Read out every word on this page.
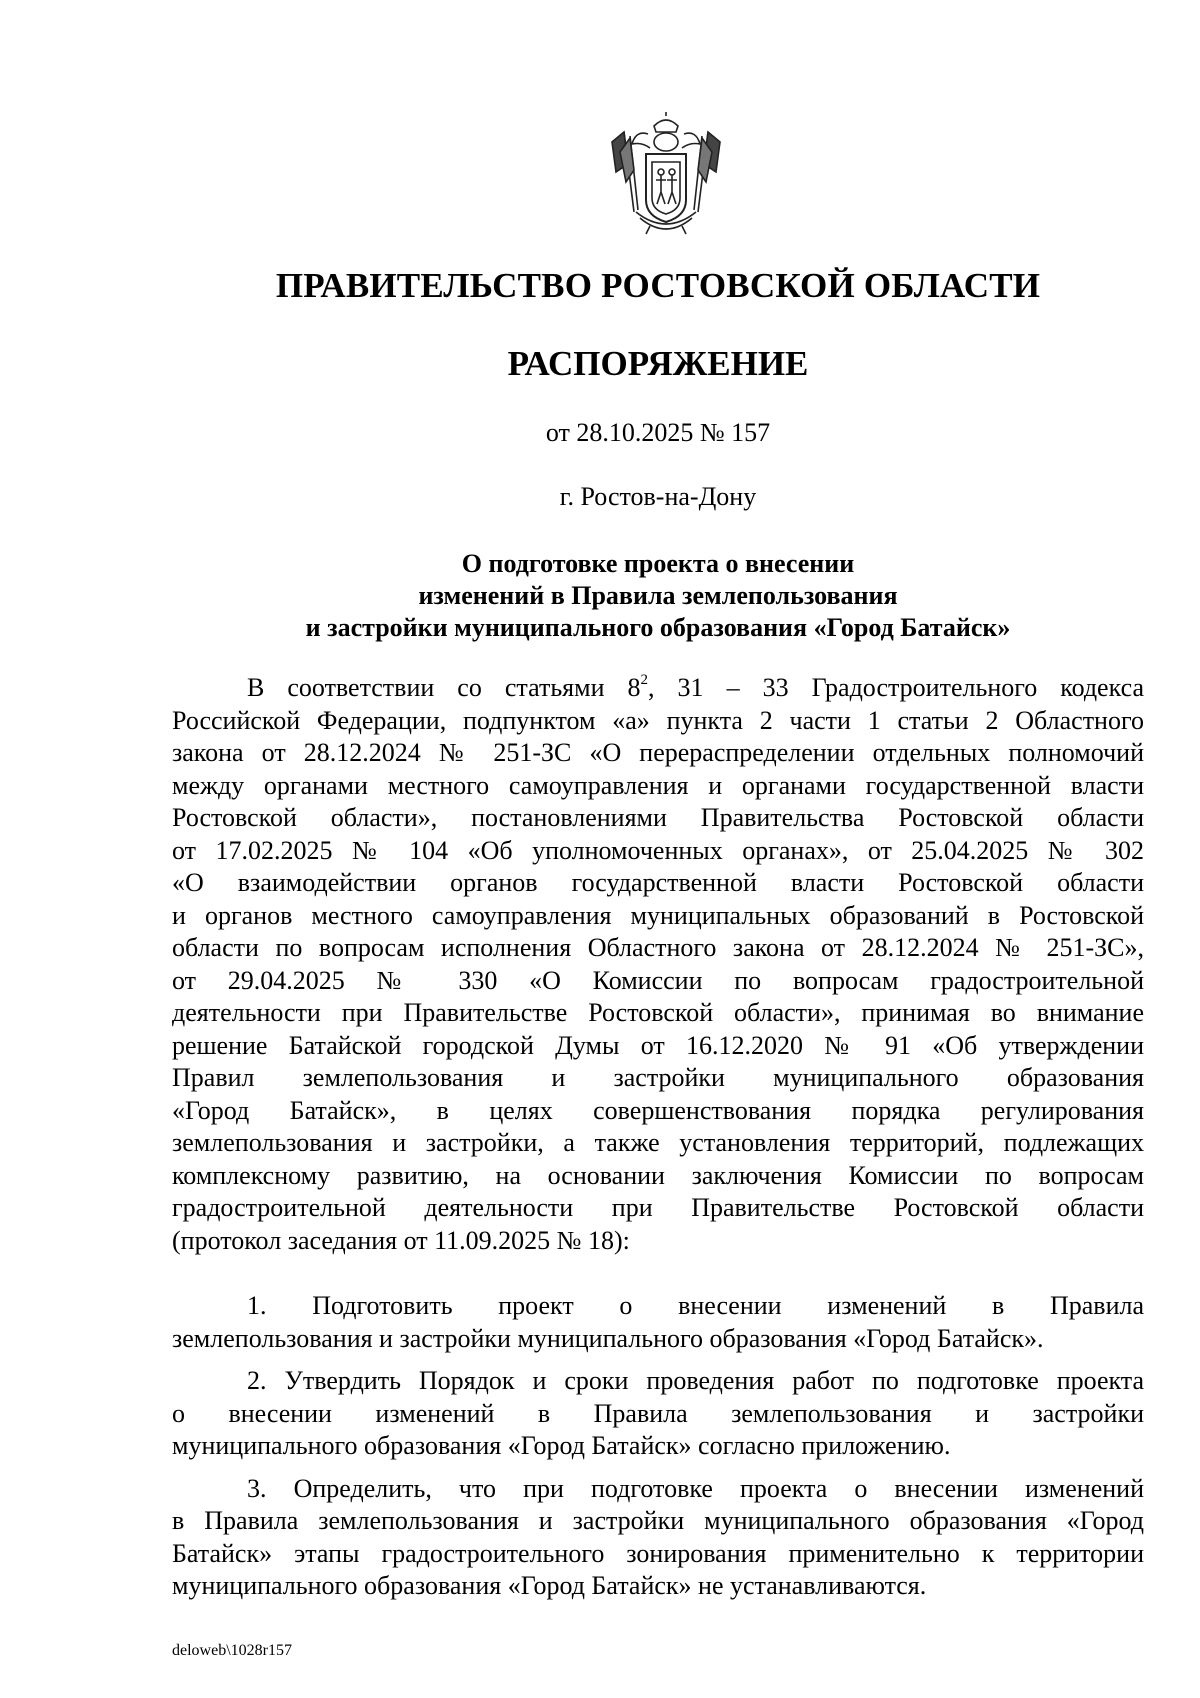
ПРАВИТЕЛЬСТВО РОСТОВСКОЙ ОБЛАСТИ
РАСПОРЯЖЕНИЕ
от 28.10.2025 № 157
г. Ростов-на-Дону
О подготовке проекта о внесении
изменений в Правила землепользования
и застройки муниципального образования «Город Батайск»
В соответствии со статьями $8^2$, 31 – 33 Градостроительного кодекса
Российской Федерации, подпунктом «а» пункта 2 части 1 статьи 2 Областного
закона от 28.12.2024 № 251-ЗС «О перераспределении отдельных полномочий
между органами местного самоуправления и органами государственной власти
Ростовской области», постановлениями Правительства Ростовской области
от 17.02.2025 № 104 «Об уполномоченных органах», от 25.04.2025 № 302
«О взаимодействии органов государственной власти Ростовской области
и органов местного самоуправления муниципальных образований в Ростовской
области по вопросам исполнения Областного закона от 28.12.2024 № 251-ЗС»,
от 29.04.2025 № 330 «О Комиссии по вопросам градостроительной
деятельности при Правительстве Ростовской области», принимая во внимание
решение Батайской городской Думы от 16.12.2020 № 91 «Об утверждении
Правил землепользования и застройки муниципального образования
«Город Батайск», в целях совершенствования порядка регулирования
землепользования и застройки, а также установления территорий, подлежащих
комплексному развитию, на основании заключения Комиссии по вопросам
градостроительной деятельности при Правительстве Ростовской области
(протокол заседания от 11.09.2025 № 18):
1. Подготовить проект о внесении изменений в Правила
землепользования и застройки муниципального образования «Город Батайск».
2. Утвердить Порядок и сроки проведения работ по подготовке проекта
о внесении изменений в Правила землепользования и застройки
муниципального образования «Город Батайск» согласно приложению.
3. Определить, что при подготовке проекта о внесении изменений
в Правила землепользования и застройки муниципального образования «Город
Батайск» этапы градостроительного зонирования применительно к территории
муниципального образования «Город Батайск» не устанавливаются.
deloweb\1028r157
